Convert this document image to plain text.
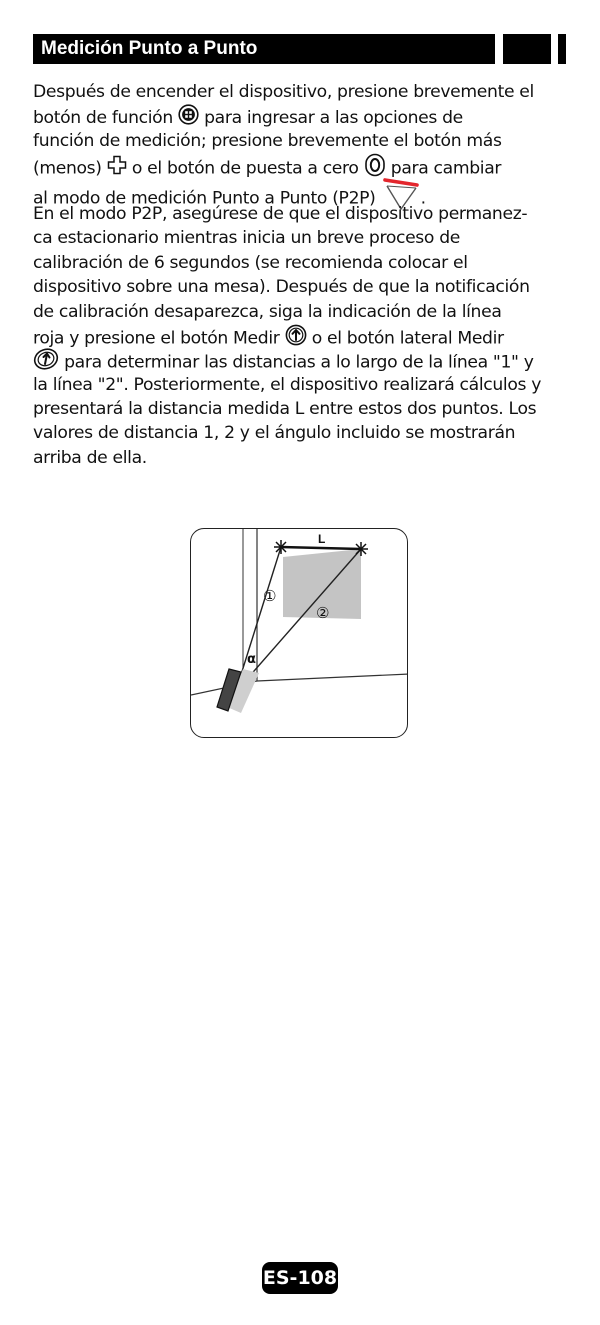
Medición Punto a Punto
Después de encender el dispositivo, presione brevemente el
botón de función para ingresar a las opciones de
función de medición; presione brevemente el botón más
(menos) o el botón de puesta a cero para cambiar
al modo de medición Punto a Punto (P2P)	.
En el modo P2P, asegúrese de que el dispositivo permanez-
ca estacionario mientras inicia un breve proceso de
calibración de 6 segundos (se recomienda colocar el
dispositivo sobre una mesa). Después de que la notificación
de calibración desaparezca, siga la indicación de la línea
roja y presione el botón Medir o el botón lateral Medir
para determinar las distancias a lo largo de la línea "1" y
la línea "2". Posteriormente, el dispositivo realizará cálculos y
presentará la distancia medida L entre estos dos puntos. Los
valores de distancia 1, 2 y el ángulo incluido se mostrarán
arriba de ella.
L
①
②
α
ES-108
